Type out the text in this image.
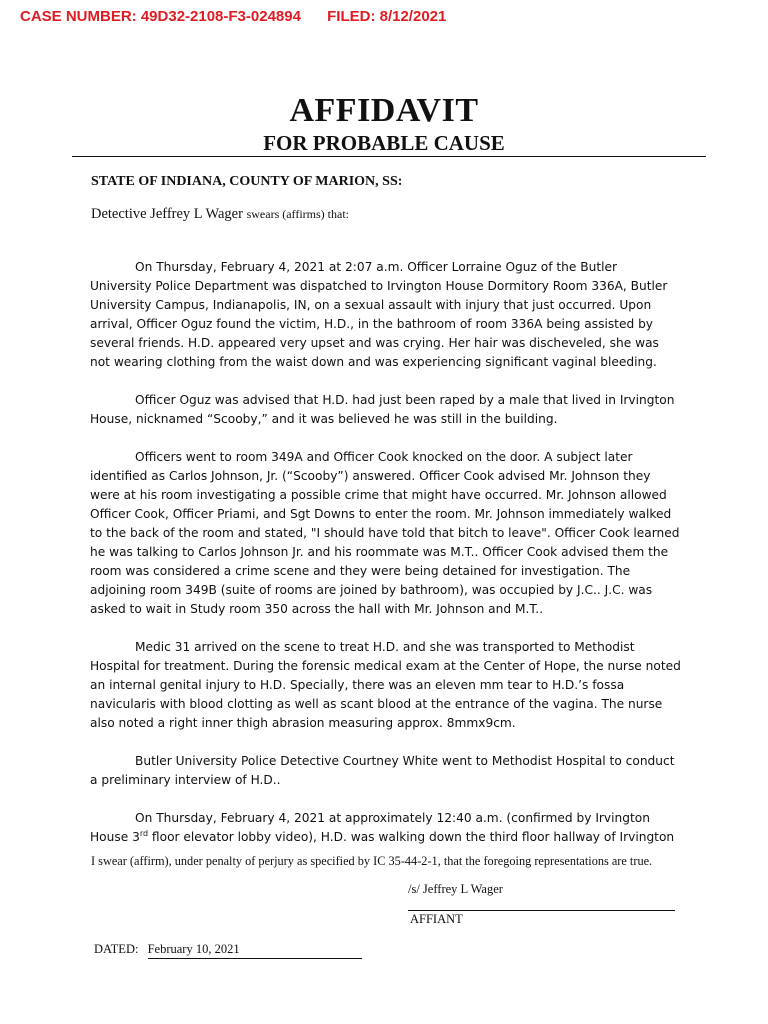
CASE NUMBER: 49D32-2108-F3-024894 FILED: 8/12/2021
AFFIDAVIT
FOR PROBABLE CAUSE
STATE OF INDIANA, COUNTY OF MARION, SS:
Detective Jeffrey L Wager swears (affirms) that:

On Thursday, February 4, 2021 at 2:07 a.m. Officer Lorraine Oguz of the Butler University Police Department was dispatched to Irvington House Dormitory Room 336A, Butler University Campus, Indianapolis, IN, on a sexual assault with injury that just occurred. Upon arrival, Officer Oguz found the victim, H.D., in the bathroom of room 336A being assisted by several friends. H.D. appeared very upset and was crying. Her hair was discheveled, she was not wearing clothing from the waist down and was experiencing significant vaginal bleeding.

Officer Oguz was advised that H.D. had just been raped by a male that lived in Irvington House, nicknamed “Scooby,” and it was believed he was still in the building.

Officers went to room 349A and Officer Cook knocked on the door. A subject later identified as Carlos Johnson, Jr. (“Scooby”) answered. Officer Cook advised Mr. Johnson they were at his room investigating a possible crime that might have occurred. Mr. Johnson allowed Officer Cook, Officer Priami, and Sgt Downs to enter the room. Mr. Johnson immediately walked to the back of the room and stated, "I should have told that bitch to leave". Officer Cook learned he was talking to Carlos Johnson Jr. and his roommate was M.T.. Officer Cook advised them the room was considered a crime scene and they were being detained for investigation. The adjoining room 349B (suite of rooms are joined by bathroom), was occupied by J.C.. J.C. was asked to wait in Study room 350 across the hall with Mr. Johnson and M.T..

Medic 31 arrived on the scene to treat H.D. and she was transported to Methodist Hospital for treatment. During the forensic medical exam at the Center of Hope, the nurse noted an internal genital injury to H.D. Specially, there was an eleven mm tear to H.D.’s fossa navicularis with blood clotting as well as scant blood at the entrance of the vagina. The nurse also noted a right inner thigh abrasion measuring approx. 8mmx9cm.

Butler University Police Detective Courtney White went to Methodist Hospital to conduct a preliminary interview of H.D..

On Thursday, February 4, 2021 at approximately 12:40 a.m. (confirmed by Irvington House 3rd floor elevator lobby video), H.D. was walking down the third floor hallway of Irvington

I swear (affirm), under penalty of perjury as specified by IC 35-44-2-1, that the foregoing representations are true.
/s/ Jeffrey L Wager
AFFIANT
DATED: February 10, 2021
